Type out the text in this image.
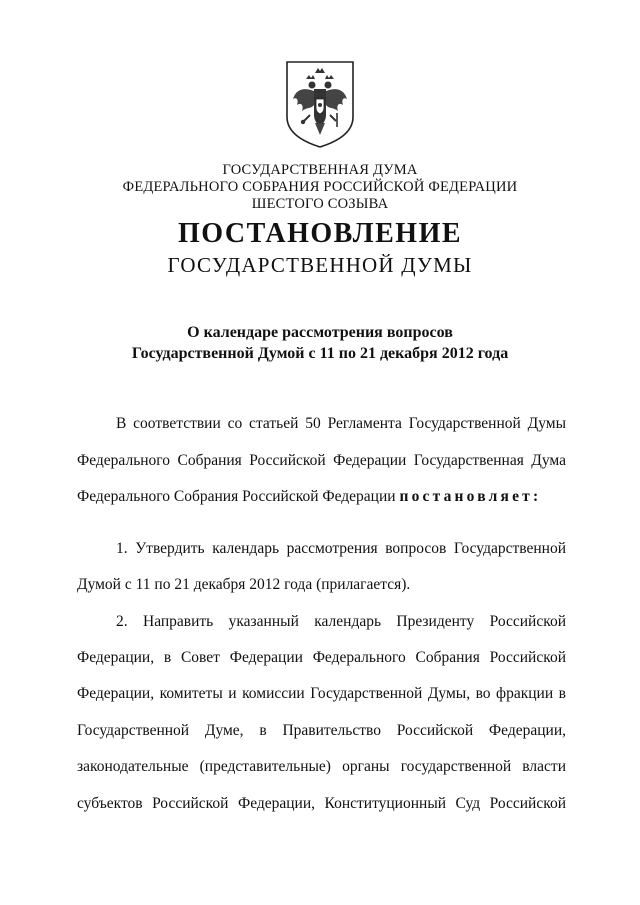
ГОСУДАРСТВЕННАЯ ДУМА
ФЕДЕРАЛЬНОГО СОБРАНИЯ РОССИЙСКОЙ ФЕДЕРАЦИИ
ШЕСТОГО СОЗЫВА
ПОСТАНОВЛЕНИЕ
ГОСУДАРСТВЕННОЙ ДУМЫ
О календаре рассмотрения вопросов
Государственной Думой с 11 по 21 декабря 2012 года
В соответствии со статьей 50 Регламента Государственной Думы
Федерального Собрания Российской Федерации Государственная Дума
Федерального Собрания Российской Федерации постановляет:
1. Утвердить календарь рассмотрения вопросов Государственной
Думой с 11 по 21 декабря 2012 года (прилагается).
2. Направить указанный календарь Президенту Российской
Федерации, в Совет Федерации Федерального Собрания Российской
Федерации, комитеты и комиссии Государственной Думы, во фракции в
Государственной Думе, в Правительство Российской Федерации,
законодательные (представительные) органы государственной власти
субъектов Российской Федерации, Конституционный Суд Российской
